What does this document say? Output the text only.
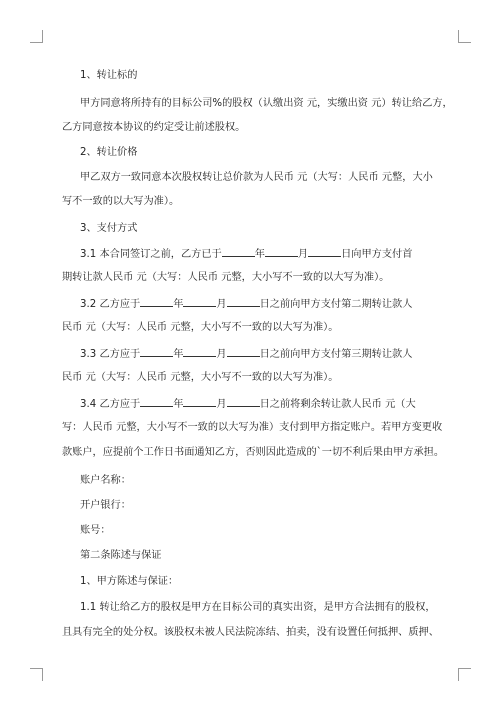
1、转让标的
甲方同意将所持有的目标公司%的股权（认缴出资 元，实缴出资 元）转让给乙方，
乙方同意按本协议的约定受让前述股权。
2、转让价格
甲乙双方一致同意本次股权转让总价款为人民币 元（大写：人民币 元整，大小
写不一致的以大写为准）。
3、支付方式
3.1 本合同签订之前，乙方已于	年	月	日向甲方支付首
期转让款人民币 元（大写：人民币 元整，大小写不一致的以大写为准）。
3.2 乙方应于	年	月	日之前向甲方支付第二期转让款人
民币 元（大写：人民币 元整，大小写不一致的以大写为准）。
3.3 乙方应于	年	月	日之前向甲方支付第三期转让款人
民币 元（大写：人民币 元整，大小写不一致的以大写为准）。
3.4 乙方应于	年	月	日之前将剩余转让款人民币 元（大
写：人民币 元整，大小写不一致的以大写为准）支付到甲方指定账户。若甲方变更收
款账户，应提前个工作日书面通知乙方，否则因此造成的`一切不利后果由甲方承担。
账户名称：
开户银行：
账号：
第二条陈述与保证
1、甲方陈述与保证：
1.1 转让给乙方的股权是甲方在目标公司的真实出资，是甲方合法拥有的股权，
且具有完全的处分权。该股权未被人民法院冻结、拍卖，没有设置任何抵押、质押、
